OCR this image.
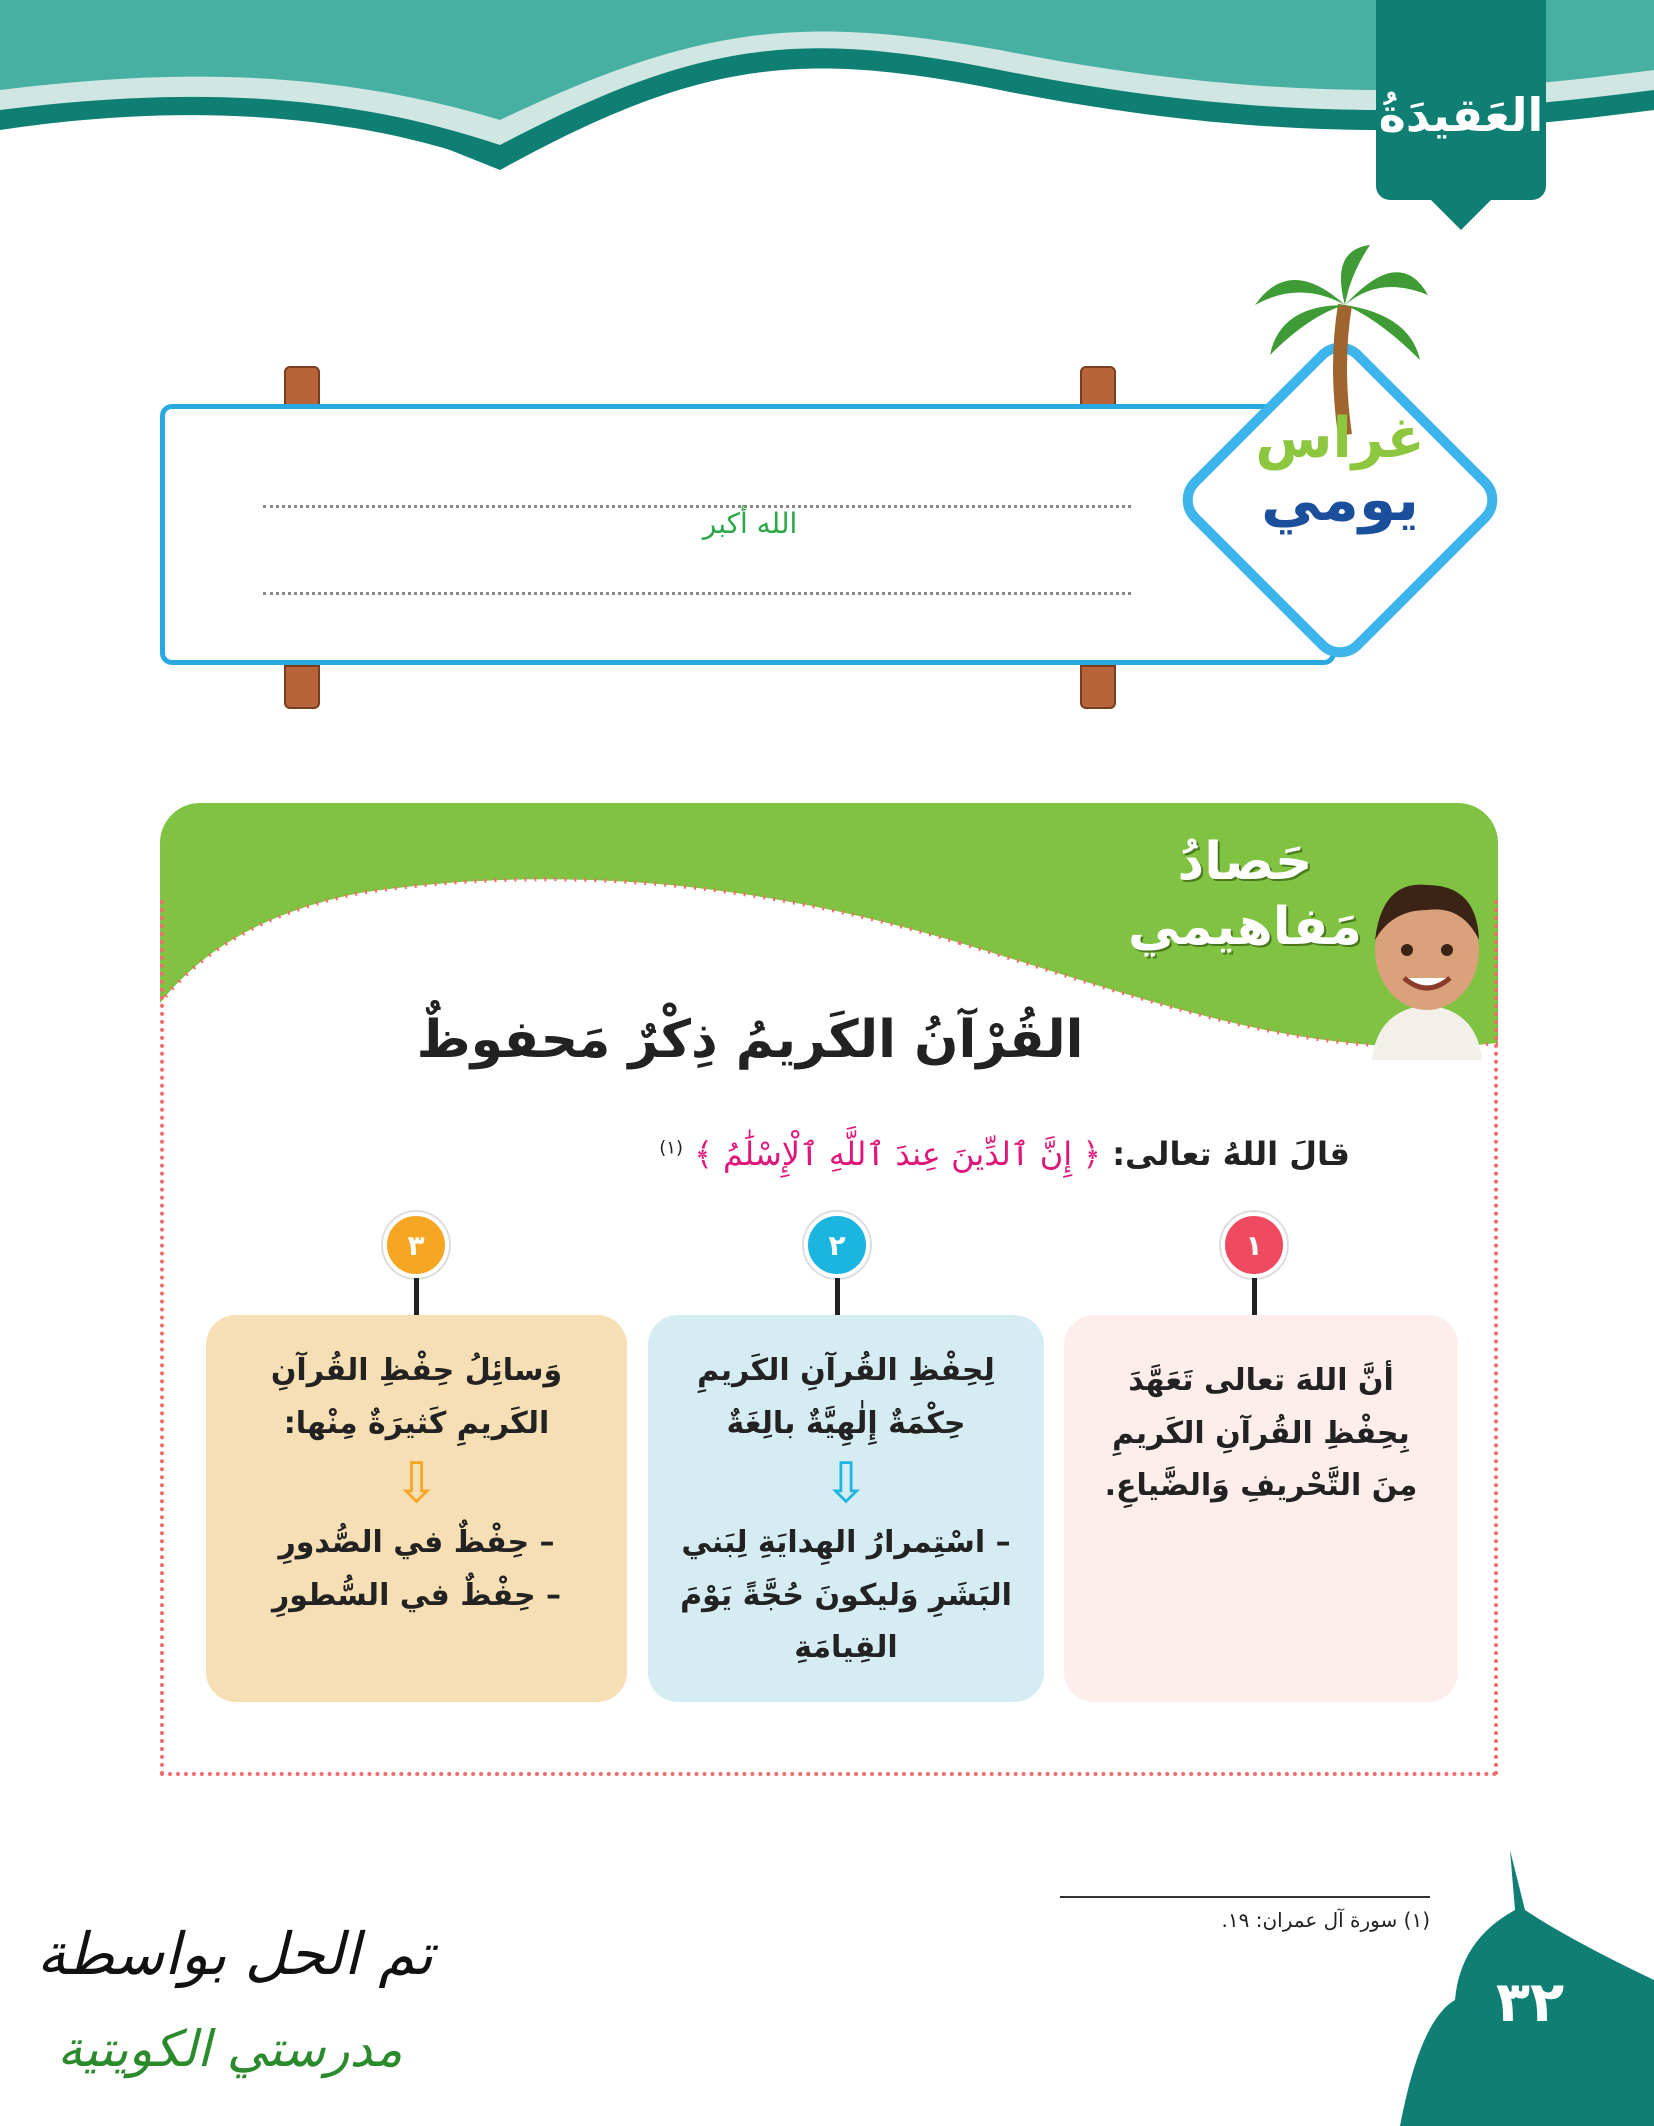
العَقيدَةُ
الله أكبر
غراس
يومي
حَصادُ
مَفاهيمي
القُرْآنُ الكَريمُ ذِكْرٌ مَحفوظٌ
قالَ اللهُ تعالى: ﴿ إِنَّ ٱلدِّينَ عِندَ ٱللَّهِ ٱلْإِسْلَٰمُ ﴾ $^{(١)}$
١
٢
٣
أنَّ اللهَ تعالى تَعَهَّدَ بِحِفْظِ القُرآنِ الكَريمِ مِنَ التَّحْريفِ وَالضَّياعِ.
لِحِفْظِ القُرآنِ الكَريمِ حِكْمَةٌ إِلٰهِيَّةٌ بالِغَةٌ
⇩
– اسْتِمرارُ الهِدايَةِ لِبَني البَشَرِ وَليكونَ حُجَّةً يَوْمَ القِيامَةِ
وَسائِلُ حِفْظِ القُرآنِ الكَريمِ كَثيرَةٌ مِنْها:
⇩
– حِفْظٌ في الصُّدورِ
– حِفْظٌ في السُّطورِ
(١) سورة آل عمران: ١٩.
٣٢
تم الحل بواسطة
مدرستي الكويتية
